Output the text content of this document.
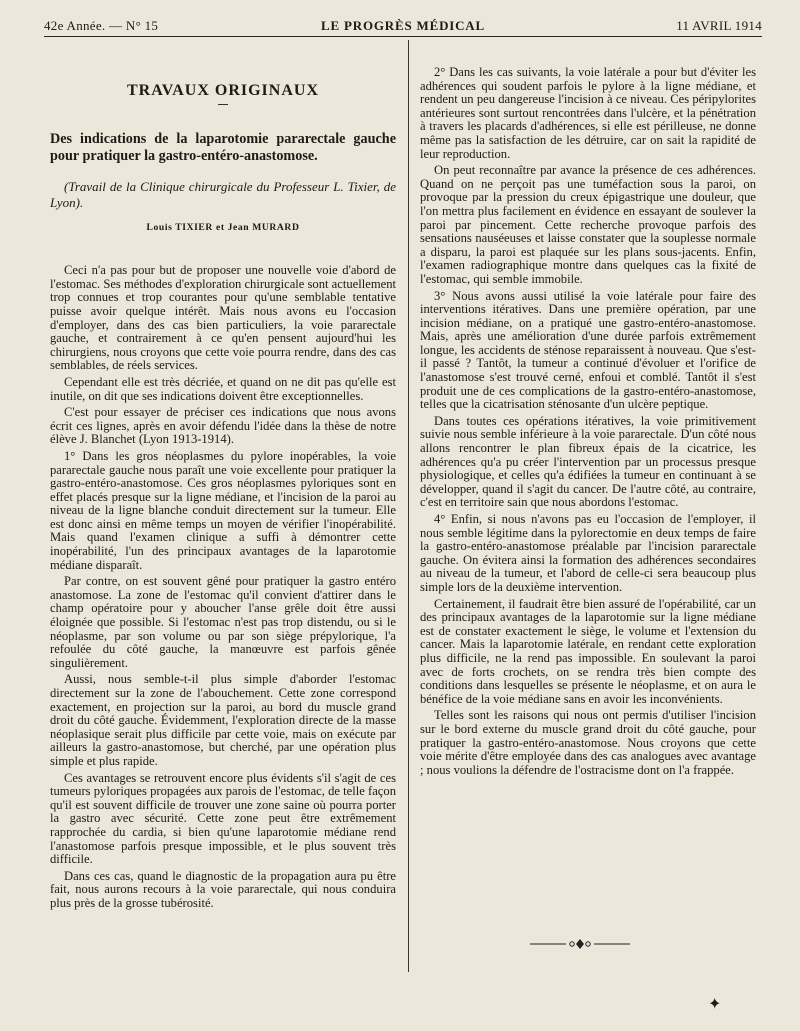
42e Année. — N° 15	LE PROGRÈS MÉDICAL	11 AVRIL 1914
TRAVAUX ORIGINAUX
Des indications de la laparotomie pararectale gauche pour pratiquer la gastro-entéro-anastomose.

(Travail de la Clinique chirurgicale du Professeur L. Tixier, de Lyon).

Louis TIXIER et Jean MURARD

Ceci n'a pas pour but de proposer une nouvelle voie d'abord de l'estomac. Ses méthodes d'exploration chirurgicale sont actuellement trop connues et trop courantes pour qu'une semblable tentative puisse avoir quelque intérêt. Mais nous avons eu l'occasion d'employer, dans des cas bien particuliers, la voie pararectale gauche, et contrairement à ce qu'en pensent aujourd'hui les chirurgiens, nous croyons que cette voie pourra rendre, dans des cas semblables, de réels services.

Cependant elle est très décriée, et quand on ne dit pas qu'elle est inutile, on dit que ses indications doivent être exceptionnelles.

C'est pour essayer de préciser ces indications que nous avons écrit ces lignes, après en avoir défendu l'idée dans la thèse de notre élève J. Blanchet (Lyon 1913-1914).

1° Dans les gros néoplasmes du pylore inopérables, la voie pararectale gauche nous paraît une voie excellente pour pratiquer la gastro-entéro-anastomose. Ces gros néoplasmes pyloriques sont en effet placés presque sur la ligne médiane, et l'incision de la paroi au niveau de la ligne blanche conduit directement sur la tumeur. Elle est donc ainsi en même temps un moyen de vérifier l'inopérabilité. Mais quand l'examen clinique a suffi à démontrer cette inopérabilité, l'un des principaux avantages de la laparotomie médiane disparaît.

Par contre, on est souvent gêné pour pratiquer la gastro entéro anastomose. La zone de l'estomac qu'il convient d'attirer dans le champ opératoire pour y aboucher l'anse grêle doit être aussi éloignée que possible. Si l'estomac n'est pas trop distendu, ou si le néoplasme, par son volume ou par son siège prépylorique, l'a refoulée du côté gauche, la manœuvre est parfois gênée singulièrement.

Aussi, nous semble-t-il plus simple d'aborder l'estomac directement sur la zone de l'abouchement. Cette zone correspond exactement, en projection sur la paroi, au bord du muscle grand droit du côté gauche. Évidemment, l'exploration directe de la masse néoplasique serait plus difficile par cette voie, mais on exécute par ailleurs la gastro-anastomose, but cherché, par une opération plus simple et plus rapide.

Ces avantages se retrouvent encore plus évidents s'il s'agit de ces tumeurs pyloriques propagées aux parois de l'estomac, de telle façon qu'il est souvent difficile de trouver une zone saine où pourra porter la gastro avec sécurité. Cette zone peut être extrêmement rapprochée du cardia, si bien qu'une laparotomie médiane rend l'anastomose parfois presque impossible, et le plus souvent très difficile.

Dans ces cas, quand le diagnostic de la propagation aura pu être fait, nous aurons recours à la voie pararectale, qui nous conduira plus près de la grosse tubérosité.

2° Dans les cas suivants, la voie latérale a pour but d'éviter les adhérences qui soudent parfois le pylore à la ligne médiane, et rendent un peu dangereuse l'incision à ce niveau. Ces péripylorites antérieures sont surtout rencontrées dans l'ulcère, et la pénétration à travers les placards d'adhérences, si elle est périlleuse, ne donne même pas la satisfaction de les détruire, car on sait la rapidité de leur reproduction.

On peut reconnaître par avance la présence de ces adhérences. Quand on ne perçoit pas une tuméfaction sous la paroi, on provoque par la pression du creux épigastrique une douleur, que l'on mettra plus facilement en évidence en essayant de soulever la paroi par pincement. Cette recherche provoque parfois des sensations nauséeuses et laisse constater que la souplesse normale a disparu, la paroi est plaquée sur les plans sous-jacents. Enfin, l'examen radiographique montre dans quelques cas la fixité de l'estomac, qui semble immobile.

3° Nous avons aussi utilisé la voie latérale pour faire des interventions itératives. Dans une première opération, par une incision médiane, on a pratiqué une gastro-entéro-anastomose. Mais, après une amélioration d'une durée parfois extrêmement longue, les accidents de sténose reparaissent à nouveau. Que s'est-il passé ? Tantôt, la tumeur a continué d'évoluer et l'orifice de l'anastomose s'est trouvé cerné, enfoui et comblé. Tantôt il s'est produit une de ces complications de la gastro-entéro-anastomose, telles que la cicatrisation sténosante d'un ulcère peptique.

Dans toutes ces opérations itératives, la voie primitivement suivie nous semble inférieure à la voie pararectale. D'un côté nous allons rencontrer le plan fibreux épais de la cicatrice, les adhérences qu'a pu créer l'intervention par un processus presque physiologique, et celles qu'a édifiées la tumeur en continuant à se développer, quand il s'agit du cancer. De l'autre côté, au contraire, c'est en territoire sain que nous abordons l'estomac.

4° Enfin, si nous n'avons pas eu l'occasion de l'employer, il nous semble légitime dans la pylorectomie en deux temps de faire la gastro-entéro-anastomose préalable par l'incision pararectale gauche. On évitera ainsi la formation des adhérences secondaires au niveau de la tumeur, et l'abord de celle-ci sera beaucoup plus simple lors de la deuxième intervention.

Certainement, il faudrait être bien assuré de l'opérabilité, car un des principaux avantages de la laparotomie sur la ligne médiane est de constater exactement le siège, le volume et l'extension du cancer. Mais la laparotomie latérale, en rendant cette exploration plus difficile, ne la rend pas impossible. En soulevant la paroi avec de forts crochets, on se rendra très bien compte des conditions dans lesquelles se présente le néoplasme, et on aura le bénéfice de la voie médiane sans en avoir les inconvénients.

Telles sont les raisons qui nous ont permis d'utiliser l'incision sur le bord externe du muscle grand droit du côté gauche, pour pratiquer la gastro-entéro-anastomose. Nous croyons que cette voie mérite d'être employée dans des cas analogues avec avantage ; nous voulions la défendre de l'ostracisme dont on l'a frappée.

✦
